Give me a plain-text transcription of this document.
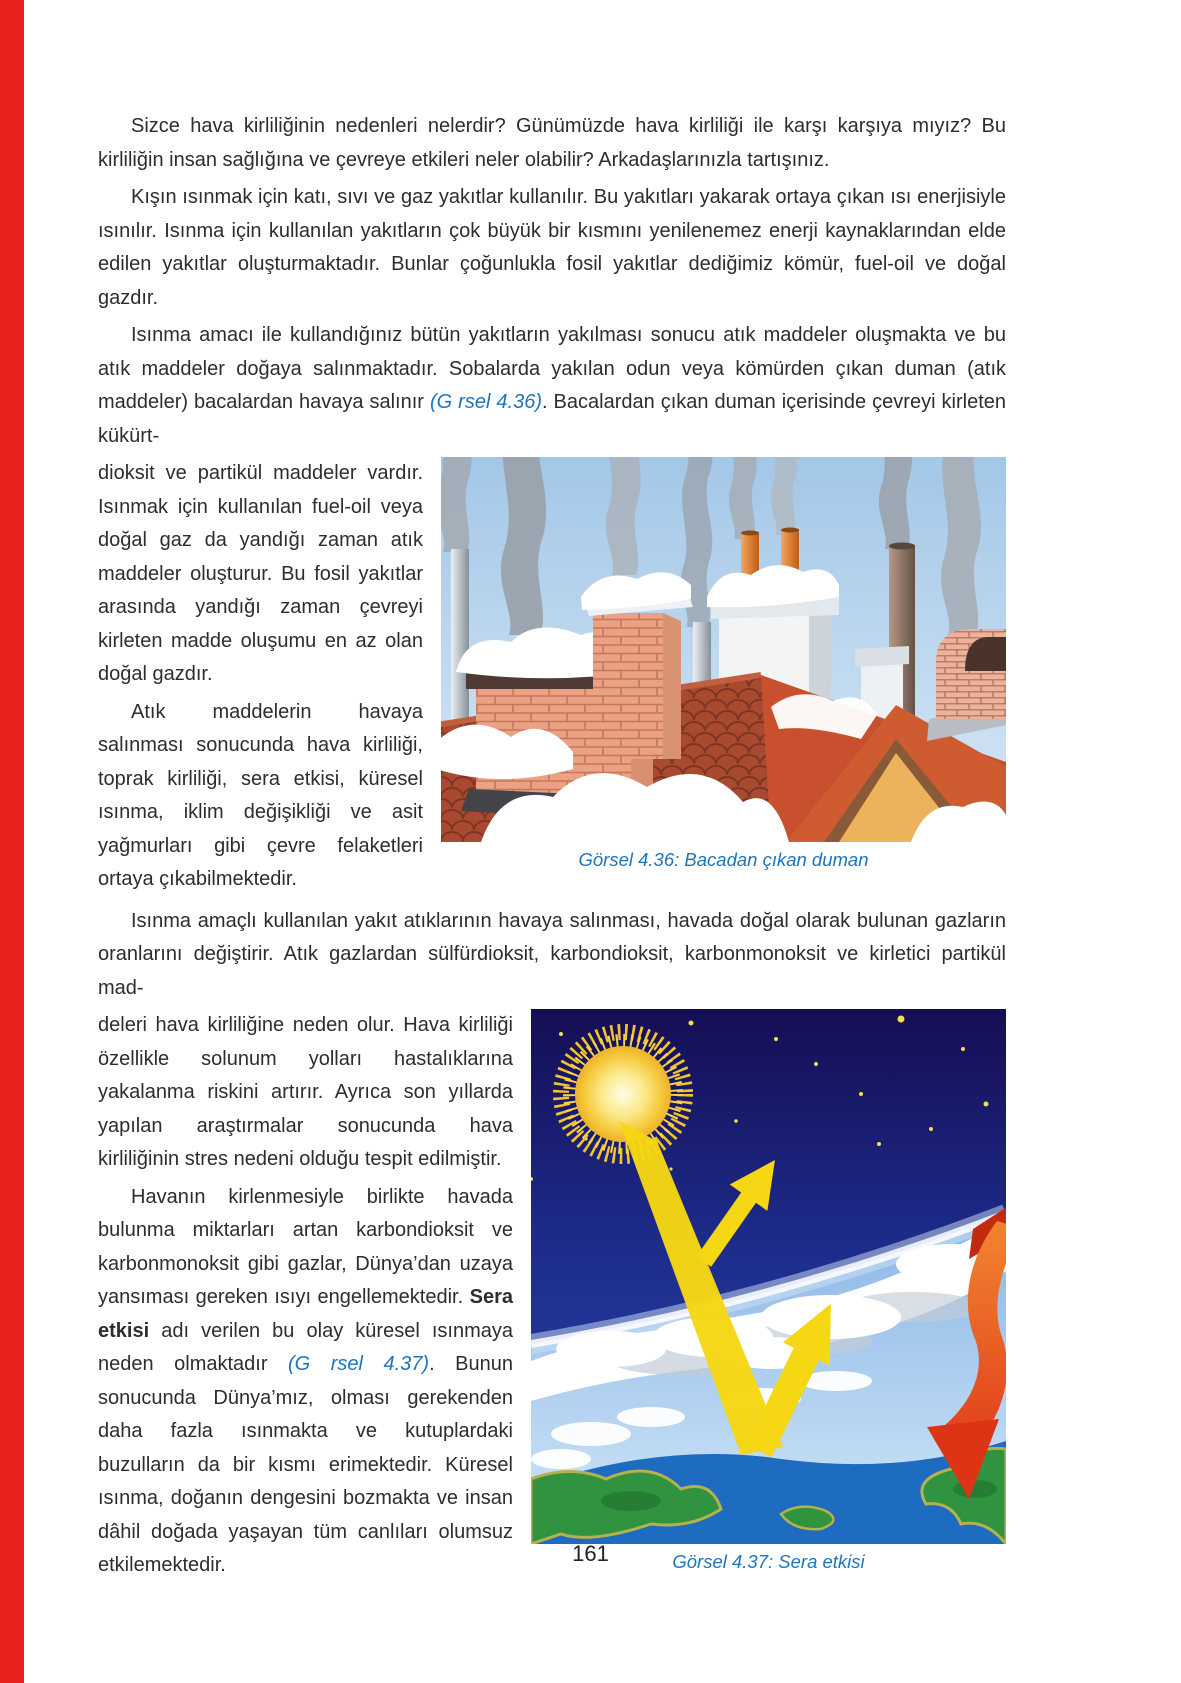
Sizce hava kirliliğinin nedenleri nelerdir? Günümüzde hava kirliliği ile karşı karşıya mıyız? Bu kirliliğin insan sağlığına ve çevreye etkileri neler olabilir? Arkadaşlarınızla tartışınız.

Kışın ısınmak için katı, sıvı ve gaz yakıtlar kullanılır. Bu yakıtları yakarak ortaya çıkan ısı enerjisiyle ısınılır. Isınma için kullanılan yakıtların çok büyük bir kısmını yenilenemez enerji kaynaklarından elde edilen yakıtlar oluşturmaktadır. Bunlar çoğunlukla fosil yakıtlar dediğimiz kömür, fuel-oil ve doğal gazdır.

Isınma amacı ile kullandığınız bütün yakıtların yakılması sonucu atık maddeler oluşmakta ve bu atık maddeler doğaya salınmaktadır. Sobalarda yakılan odun veya kömürden çıkan duman (atık maddeler) bacalardan havaya salınır (G rsel 4.36). Bacalardan çıkan duman içerisinde çevreyi kirleten kükürt-

dioksit ve partikül maddeler vardır. Isınmak için kullanılan fuel-oil veya doğal gaz da yandığı zaman atık maddeler oluşturur. Bu fosil yakıtlar arasında yandığı zaman çevreyi kirleten madde oluşumu en az olan doğal gazdır.

Atık maddelerin havaya salınması sonucunda hava kirliliği, toprak kirliliği, sera etkisi, küresel ısınma, iklim değişikliği ve asit yağmurları gibi çevre felaketleri ortaya çıkabilmektedir.

Görsel 4.36: Bacadan çıkan duman

Isınma amaçlı kullanılan yakıt atıklarının havaya salınması, havada doğal olarak bulunan gazların oranlarını değiştirir. Atık gazlardan sülfürdioksit, karbondioksit, karbonmonoksit ve kirletici partikül mad-

deleri hava kirliliğine neden olur. Hava kirliliği özellikle solunum yolları hastalıklarına yakalanma riskini artırır. Ayrıca son yıllarda yapılan araştırmalar sonucunda hava kirliliğinin stres nedeni olduğu tespit edilmiştir.

Havanın kirlenmesiyle birlikte havada bulunma miktarları artan karbondioksit ve karbonmonoksit gibi gazlar, Dünya’dan uzaya yansıması gereken ısıyı engellemektedir. Sera etkisi adı verilen bu olay küresel ısınmaya neden olmaktadır (G rsel 4.37). Bunun sonucunda Dünya’mız, olması gerekenden daha fazla ısınmakta ve kutuplardaki buzulların da bir kısmı erimektedir. Küresel ısınma, doğanın dengesini bozmakta ve insan dâhil doğada yaşayan tüm canlıları olumsuz etkilemektedir.	Görsel 4.37: Sera etkisi
161
